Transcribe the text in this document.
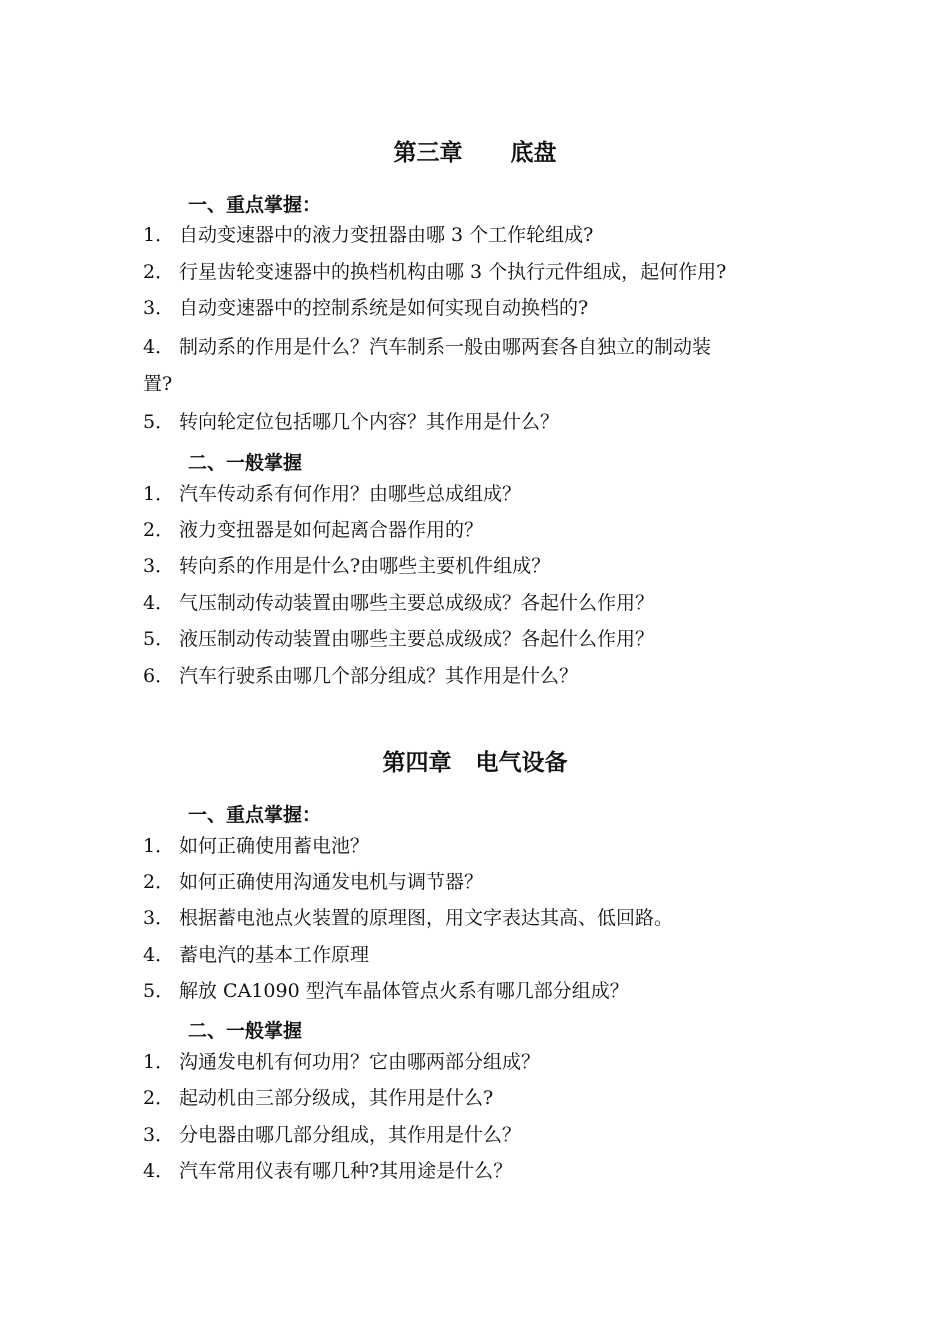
第三章      底盘
一、重点掌握：
1． 自动变速器中的液力变扭器由哪 3 个工作轮组成?
2． 行星齿轮变速器中的换档机构由哪 3 个执行元件组成，起何作用?
3． 自动变速器中的控制系统是如何实现自动换档的?
4． 制动系的作用是什么？汽车制系一般由哪两套各自独立的制动装
置?
5． 转向轮定位包括哪几个内容？其作用是什么？
二、一般掌握
1． 汽车传动系有何作用？由哪些总成组成？
2． 液力变扭器是如何起离合器作用的？
3． 转向系的作用是什么?由哪些主要机件组成？
4． 气压制动传动装置由哪些主要总成级成？各起什么作用？
5． 液压制动传动装置由哪些主要总成级成？各起什么作用？
6． 汽车行驶系由哪几个部分组成？其作用是什么？
第四章   电气设备
一、重点掌握：
1． 如何正确使用蓄电池？
2． 如何正确使用沟通发电机与调节器？
3． 根据蓄电池点火装置的原理图，用文字表达其高、低回路。
4． 蓄电汽的基本工作原理
5． 解放 CA1090 型汽车晶体管点火系有哪几部分组成？
二、一般掌握
1． 沟通发电机有何功用？它由哪两部分组成？
2． 起动机由三部分级成，其作用是什么?
3． 分电器由哪几部分组成，其作用是什么？
4． 汽车常用仪表有哪几种?其用途是什么？
